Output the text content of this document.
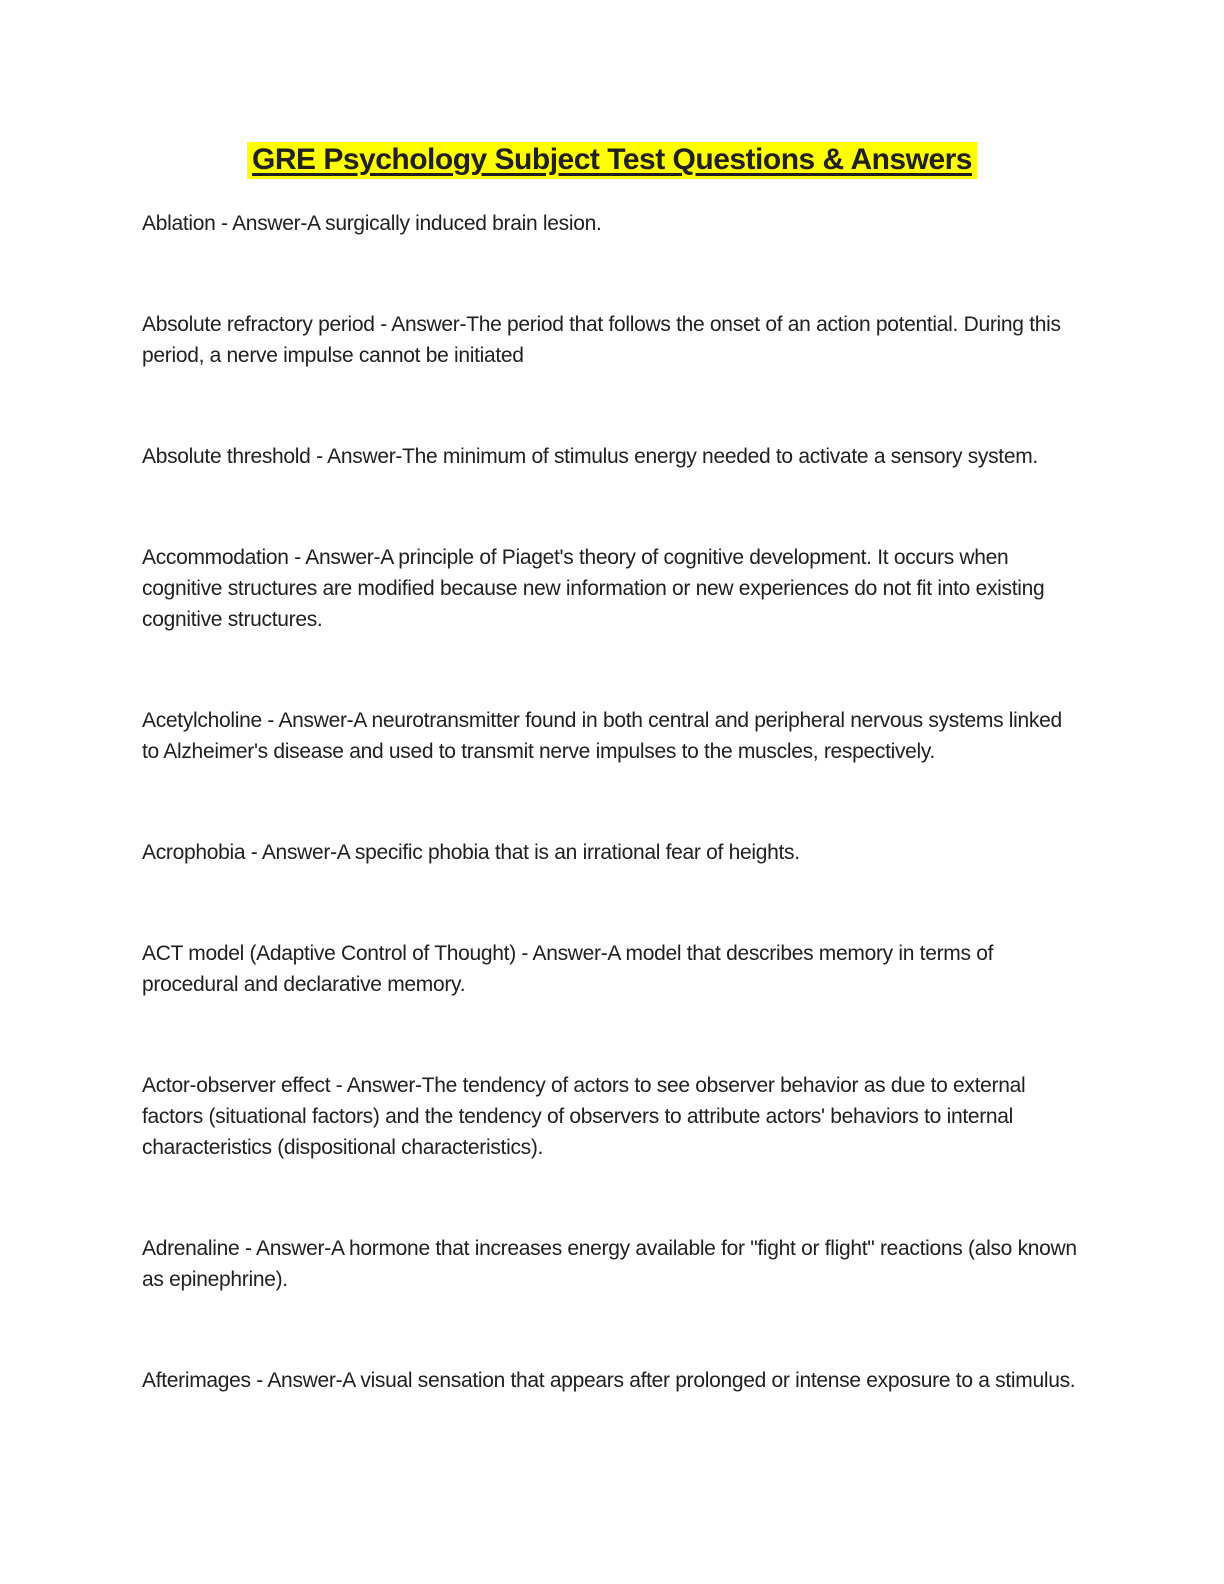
GRE Psychology Subject Test Questions & Answers

Ablation - Answer-A surgically induced brain lesion.

Absolute refractory period - Answer-The period that follows the onset of an action potential. During this period, a nerve impulse cannot be initiated

Absolute threshold - Answer-The minimum of stimulus energy needed to activate a sensory system.

Accommodation - Answer-A principle of Piaget's theory of cognitive development. It occurs when cognitive structures are modified because new information or new experiences do not fit into existing cognitive structures.

Acetylcholine - Answer-A neurotransmitter found in both central and peripheral nervous systems linked to Alzheimer's disease and used to transmit nerve impulses to the muscles, respectively.

Acrophobia - Answer-A specific phobia that is an irrational fear of heights.

ACT model (Adaptive Control of Thought) - Answer-A model that describes memory in terms of procedural and declarative memory.

Actor-observer effect - Answer-The tendency of actors to see observer behavior as due to external factors (situational factors) and the tendency of observers to attribute actors' behaviors to internal characteristics (dispositional characteristics).

Adrenaline - Answer-A hormone that increases energy available for "fight or flight" reactions (also known as epinephrine).

Afterimages - Answer-A visual sensation that appears after prolonged or intense exposure to a stimulus.
